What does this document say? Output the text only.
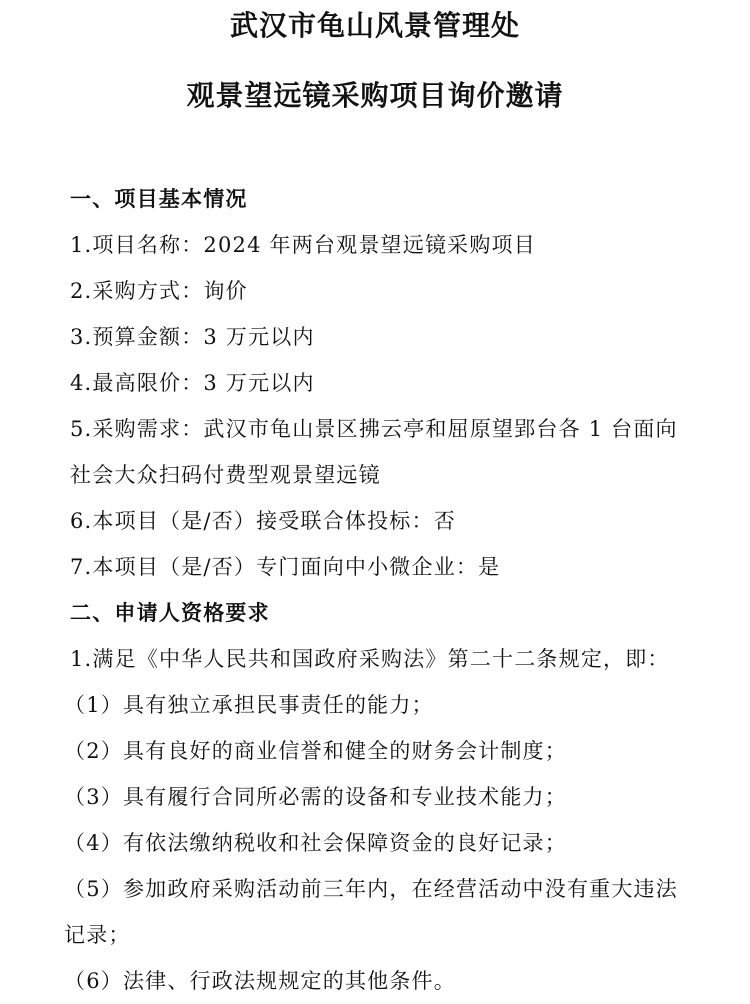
武汉市龟山风景管理处
观景望远镜采购项目询价邀请
一、项目基本情况
1.项目名称：2024 年两台观景望远镜采购项目
2.采购方式：询价
3.预算金额：3 万元以内
4.最高限价：3 万元以内
5.采购需求：武汉市龟山景区拂云亭和屈原望郢台各 1 台面向社会大众扫码付费型观景望远镜
6.本项目（是/否）接受联合体投标：否
7.本项目（是/否）专门面向中小微企业：是
二、申请人资格要求
1.满足《中华人民共和国政府采购法》第二十二条规定，即：
（1）具有独立承担民事责任的能力；
（2）具有良好的商业信誉和健全的财务会计制度；
（3）具有履行合同所必需的设备和专业技术能力；
（4）有依法缴纳税收和社会保障资金的良好记录；
（5）参加政府采购活动前三年内，在经营活动中没有重大违法记录；
（6）法律、行政法规规定的其他条件。
